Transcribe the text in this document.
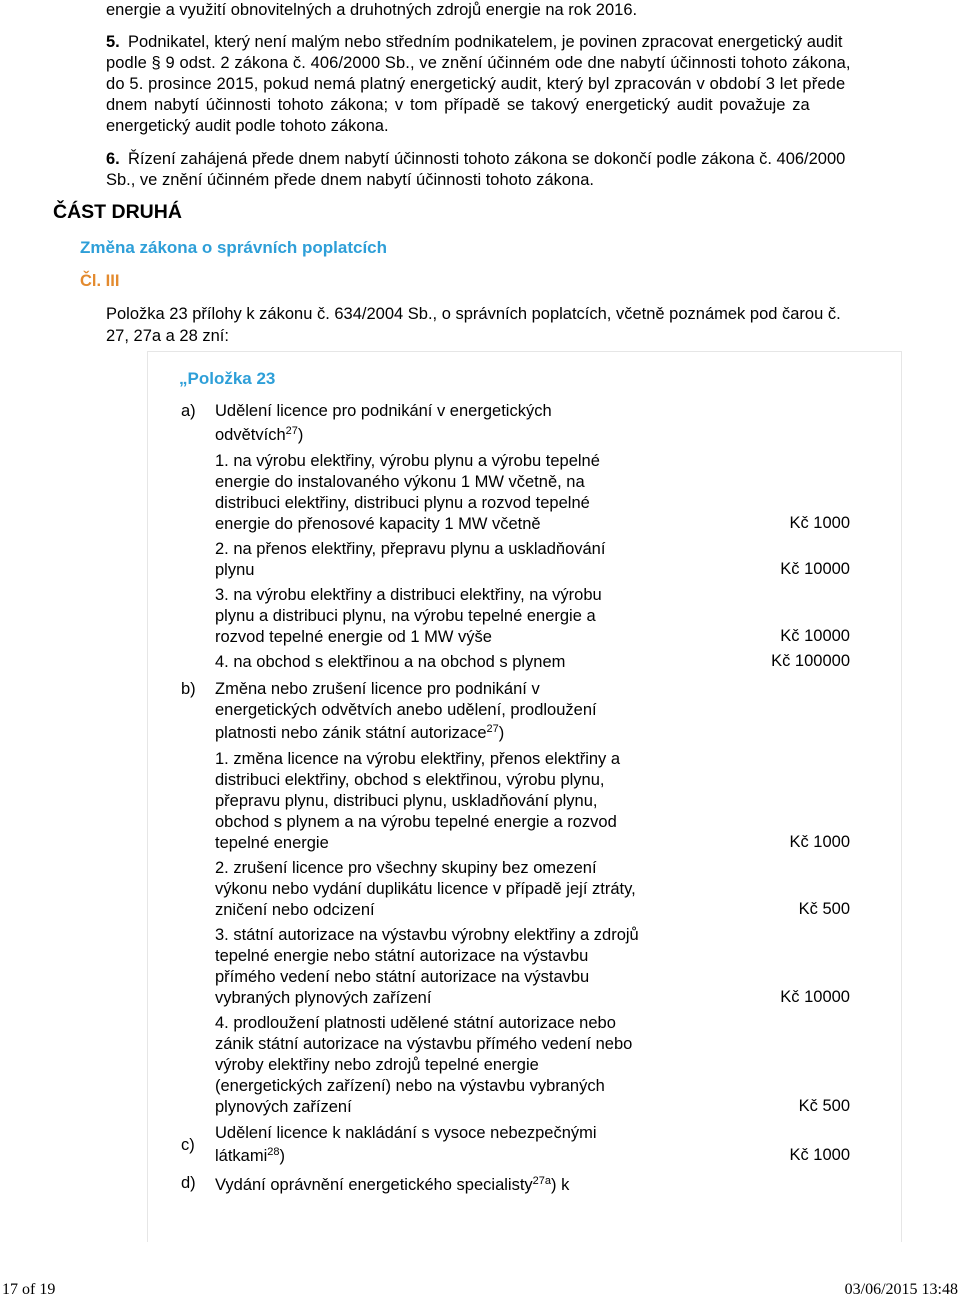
energie a využití obnovitelných a druhotných zdrojů energie na rok 2016.
5. Podnikatel, který není malým nebo středním podnikatelem, je povinen zpracovat energetický audit
podle § 9 odst. 2 zákona č. 406/2000 Sb., ve znění účinném ode dne nabytí účinnosti tohoto zákona,
do 5. prosince 2015, pokud nemá platný energetický audit, který byl zpracován v období 3 let přede
dnem nabytí účinnosti tohoto zákona; v tom případě se takový energetický audit považuje za
energetický audit podle tohoto zákona.
6. Řízení zahájená přede dnem nabytí účinnosti tohoto zákona se dokončí podle zákona č. 406/2000
Sb., ve znění účinném přede dnem nabytí účinnosti tohoto zákona.
ČÁST DRUHÁ
Změna zákona o správních poplatcích
Čl. III
Položka 23 přílohy k zákonu č. 634/2004 Sb., o správních poplatcích, včetně poznámek pod čarou č.
27, 27a a 28 zní:
„Položka 23
a) Udělení licence pro podnikání v energetických
odvětvích$^{27}$)
1. na výrobu elektřiny, výrobu plynu a výrobu tepelné
energie do instalovaného výkonu 1 MW včetně, na
distribuci elektřiny, distribuci plynu a rozvod tepelné
energie do přenosové kapacity 1 MW včetně	Kč 1000
2. na přenos elektřiny, přepravu plynu a uskladňování
plynu	Kč 10000
3. na výrobu elektřiny a distribuci elektřiny, na výrobu
plynu a distribuci plynu, na výrobu tepelné energie a
rozvod tepelné energie od 1 MW výše	Kč 10000
4. na obchod s elektřinou a na obchod s plynem	Kč 100000
b) Změna nebo zrušení licence pro podnikání v
energetických odvětvích anebo udělení, prodloužení
platnosti nebo zánik státní autorizace$^{27}$)
1. změna licence na výrobu elektřiny, přenos elektřiny a
distribuci elektřiny, obchod s elektřinou, výrobu plynu,
přepravu plynu, distribuci plynu, uskladňování plynu,
obchod s plynem a na výrobu tepelné energie a rozvod
tepelné energie	Kč 1000
2. zrušení licence pro všechny skupiny bez omezení
výkonu nebo vydání duplikátu licence v případě její ztráty,
zničení nebo odcizení	Kč 500
3. státní autorizace na výstavbu výrobny elektřiny a zdrojů
tepelné energie nebo státní autorizace na výstavbu
přímého vedení nebo státní autorizace na výstavbu
vybraných plynových zařízení	Kč 10000
4. prodloužení platnosti udělené státní autorizace nebo
zánik státní autorizace na výstavbu přímého vedení nebo
výroby elektřiny nebo zdrojů tepelné energie
(energetických zařízení) nebo na výstavbu vybraných
plynových zařízení	Kč 500
c)
Udělení licence k nakládání s vysoce nebezpečnými
látkami$^{28}$)	Kč 1000
d) Vydání oprávnění energetického specialisty$^{27a}$) k
17 of 19	03/06/2015 13:48
